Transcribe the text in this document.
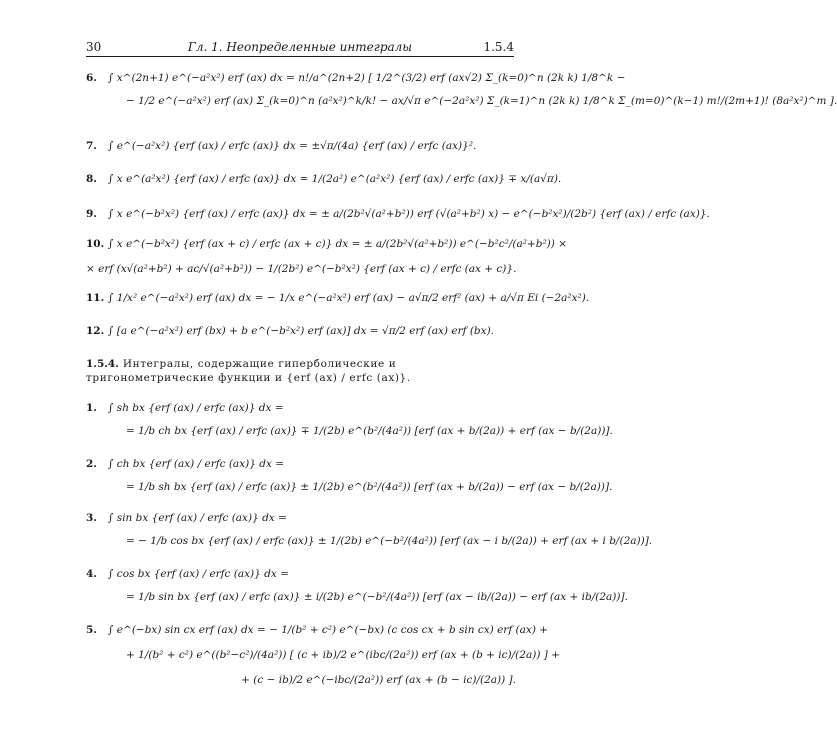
30	Гл. 1. Неопределенные интегралы	1.5.4
6. ∫ x^(2n+1) e^(−a²x²) erf (ax) dx = n!/a^(2n+2) [ 1/2^(3/2) erf (ax√2) Σ_(k=0)^n (2k k) 1/8^k −
− 1/2 e^(−a²x²) erf (ax) Σ_(k=0)^n (a²x²)^k/k! − ax/√π e^(−2a²x²) Σ_(k=1)^n (2k k) 1/8^k Σ_(m=0)^(k−1) m!/(2m+1)! (8a²x²)^m ].
7. ∫ e^(−a²x²) {erf (ax) / erfc (ax)} dx = ±√π/(4a) {erf (ax) / erfc (ax)}².
8. ∫ x e^(a²x²) {erf (ax) / erfc (ax)} dx = 1/(2a²) e^(a²x²) {erf (ax) / erfc (ax)} ∓ x/(a√π).
9. ∫ x e^(−b²x²) {erf (ax) / erfc (ax)} dx = ± a/(2b²√(a²+b²)) erf (√(a²+b²) x) − e^(−b²x²)/(2b²) {erf (ax) / erfc (ax)}.
10. ∫ x e^(−b²x²) {erf (ax + c) / erfc (ax + c)} dx = ± a/(2b²√(a²+b²)) e^(−b²c²/(a²+b²)) ×
× erf (x√(a²+b²) + ac/√(a²+b²)) − 1/(2b²) e^(−b²x²) {erf (ax + c) / erfc (ax + c)}.
11. ∫ 1/x² e^(−a²x²) erf (ax) dx = − 1/x e^(−a²x²) erf (ax) − a√π/2 erf² (ax) + a/√π Ei (−2a²x²).
12. ∫ [a e^(−a²x²) erf (bx) + b e^(−b²x²) erf (ax)] dx = √π/2 erf (ax) erf (bx).
1.5.4. Интегралы, содержащие гиперболические и тригонометрические функции и {erf (ax) / erfc (ax)}.
1. ∫ sh bx {erf (ax) / erfc (ax)} dx =
= 1/b ch bx {erf (ax) / erfc (ax)} ∓ 1/(2b) e^(b²/(4a²)) [erf (ax + b/(2a)) + erf (ax − b/(2a))].
2. ∫ ch bx {erf (ax) / erfc (ax)} dx =
= 1/b sh bx {erf (ax) / erfc (ax)} ± 1/(2b) e^(b²/(4a²)) [erf (ax + b/(2a)) − erf (ax − b/(2a))].
3. ∫ sin bx {erf (ax) / erfc (ax)} dx =
= − 1/b cos bx {erf (ax) / erfc (ax)} ± 1/(2b) e^(−b²/(4a²)) [erf (ax − i b/(2a)) + erf (ax + i b/(2a))].
4. ∫ cos bx {erf (ax) / erfc (ax)} dx =
= 1/b sin bx {erf (ax) / erfc (ax)} ± i/(2b) e^(−b²/(4a²)) [erf (ax − ib/(2a)) − erf (ax + ib/(2a))].
5. ∫ e^(−bx) sin cx erf (ax) dx = − 1/(b² + c²) e^(−bx) (c cos cx + b sin cx) erf (ax) +
+ 1/(b² + c²) e^((b²−c²)/(4a²)) [ (c + ib)/2 e^(ibc/(2a²)) erf (ax + (b + ic)/(2a)) ] +
+ (c − ib)/2 e^(−ibc/(2a²)) erf (ax + (b − ic)/(2a)) ].
